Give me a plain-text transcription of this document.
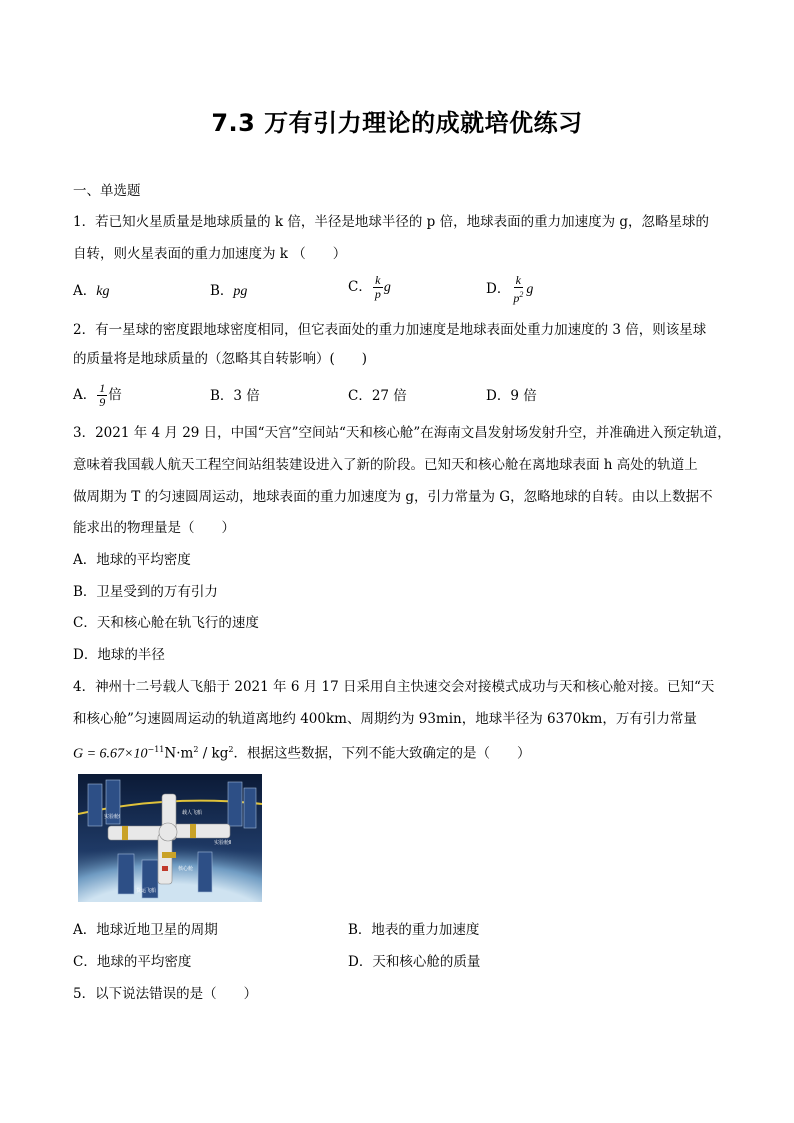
7.3 万有引力理论的成就培优练习
一、单选题
1．若已知火星质量是地球质量的 k 倍，半径是地球半径的 p 倍，地球表面的重力加速度为 g，忽略星球的
自转，则火星表面的重力加速度为 k （　　）
A．kg	B．pg	C． $\frac{k}{p}$ g	D． $\frac{k}{p^2}$ g
2．有一星球的密度跟地球密度相同，但它表面处的重力加速度是地球表面处重力加速度的 3 倍，则该星球
的质量将是地球质量的（忽略其自转影响）(　　)
A． $\frac{1}{9}$ 倍	B．3 倍	C．27 倍	D．9 倍
3．2021 年 4 月 29 日，中国“天宫”空间站“天和核心舱”在海南文昌发射场发射升空，并准确进入预定轨道，
意味着我国载人航天工程空间站组装建设进入了新的阶段。已知天和核心舱在离地球表面 h 高处的轨道上
做周期为 T 的匀速圆周运动，地球表面的重力加速度为 g，引力常量为 G，忽略地球的自转。由以上数据不
能求出的物理量是（　　）
A．地球的平均密度
B．卫星受到的万有引力
C．天和核心舱在轨飞行的速度
D．地球的半径
4．神州十二号载人飞船于 2021 年 6 月 17 日采用自主快速交会对接模式成功与天和核心舱对接。已知“天
和核心舱”匀速圆周运动的轨道离地约 400km、周期约为 93min，地球半径为 6370km，万有引力常量
$G = 6.67\times 10^{-11}N\cdot m^2 / kg^2$．根据这些数据，下列不能大致确定的是（　　）
实验舱Ⅰ
载人飞船
实验舱Ⅱ
核心舱
货运飞船
A．地球近地卫星的周期	B．地表的重力加速度
C．地球的平均密度	D．天和核心舱的质量
5．以下说法错误的是（　　）
